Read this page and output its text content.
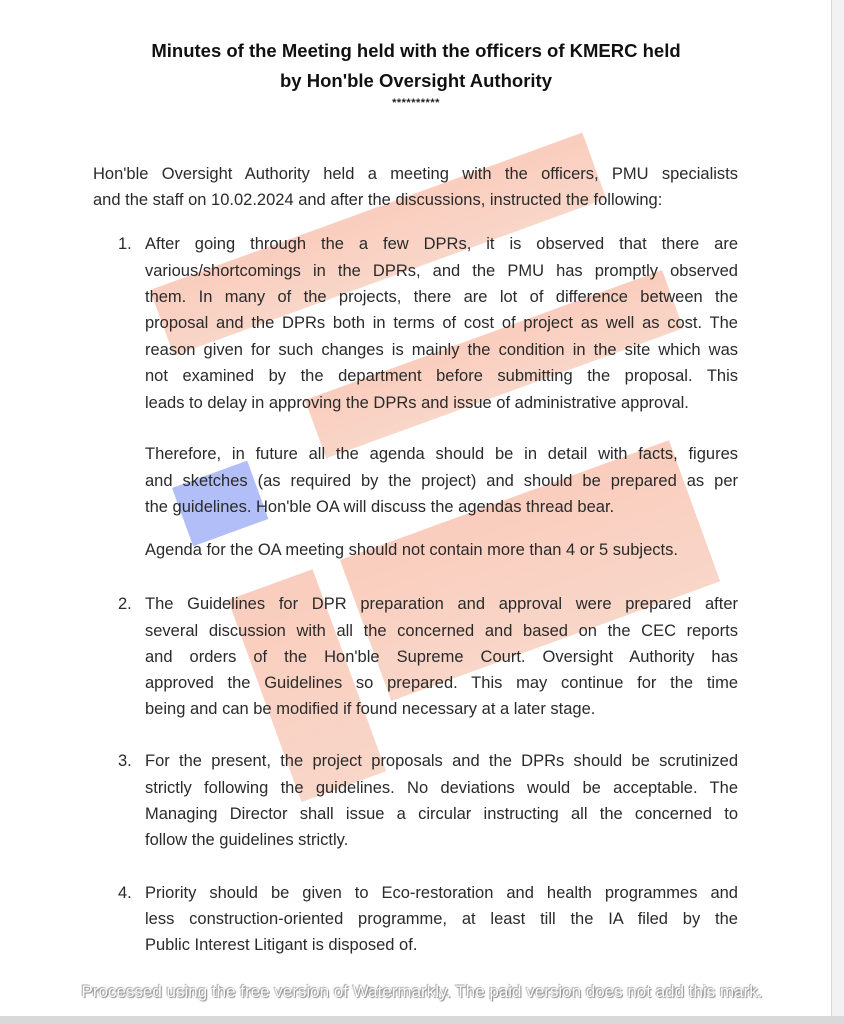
Minutes of the Meeting held with the officers of KMERC held
by Hon'ble Oversight Authority
**********
Hon'ble Oversight Authority held a meeting with the officers, PMU specialists
and the staff on 10.02.2024 and after the discussions, instructed the following:
1. After going through the a few DPRs, it is observed that there are
various/shortcomings in the DPRs, and the PMU has promptly observed
them. In many of the projects, there are lot of difference between the
proposal and the DPRs both in terms of cost of project as well as cost. The
reason given for such changes is mainly the condition in the site which was
not examined by the department before submitting the proposal. This
leads to delay in approving the DPRs and issue of administrative approval.
Therefore, in future all the agenda should be in detail with facts, figures
and sketches (as required by the project) and should be prepared as per
the guidelines. Hon'ble OA will discuss the agendas thread bear.
Agenda for the OA meeting should not contain more than 4 or 5 subjects.
2. The Guidelines for DPR preparation and approval were prepared after
several discussion with all the concerned and based on the CEC reports
and orders of the Hon'ble Supreme Court. Oversight Authority has
approved the Guidelines so prepared. This may continue for the time
being and can be modified if found necessary at a later stage.
3. For the present, the project proposals and the DPRs should be scrutinized
strictly following the guidelines. No deviations would be acceptable. The
Managing Director shall issue a circular instructing all the concerned to
follow the guidelines strictly.
4. Priority should be given to Eco-restoration and health programmes and
less construction-oriented programme, at least till the IA filed by the
Public Interest Litigant is disposed of.
Processed using the free version of Watermarkly. The paid version does not add this mark.
